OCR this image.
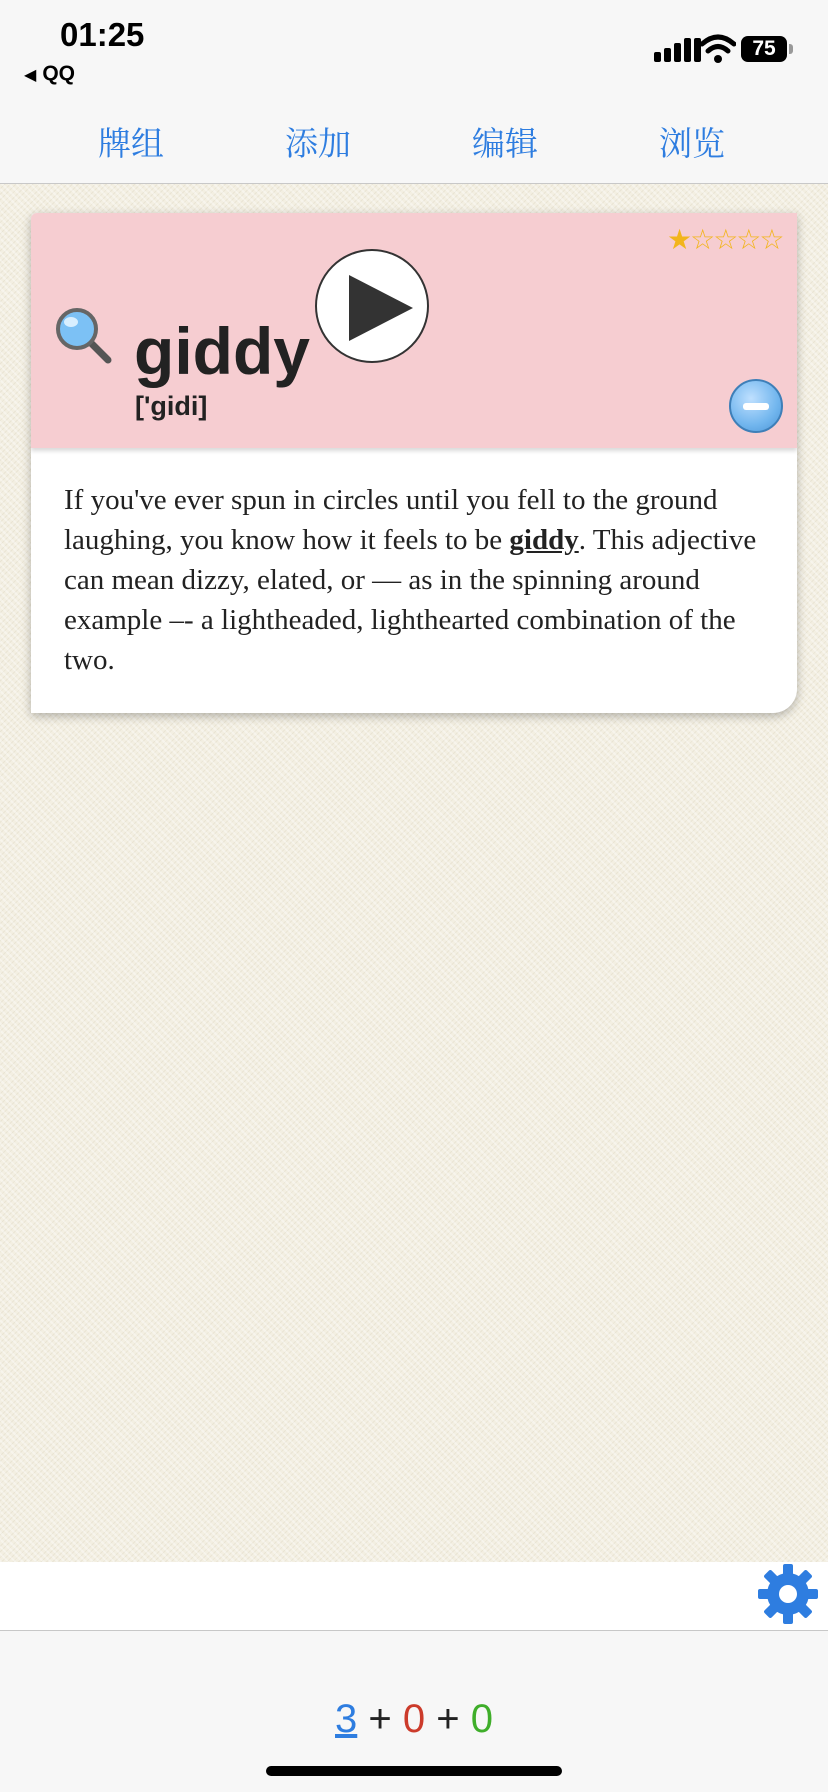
01:25
◀ QQ
75
牌组	添加	编辑	浏览
★☆☆☆☆
giddy
['gidi]
If you've ever spun in circles until you fell to the ground laughing, you know how it feels to be giddy. This adjective can mean dizzy, elated, or — as in the spinning around example –- a lightheaded, lighthearted combination of the two.
3 + 0 + 0
